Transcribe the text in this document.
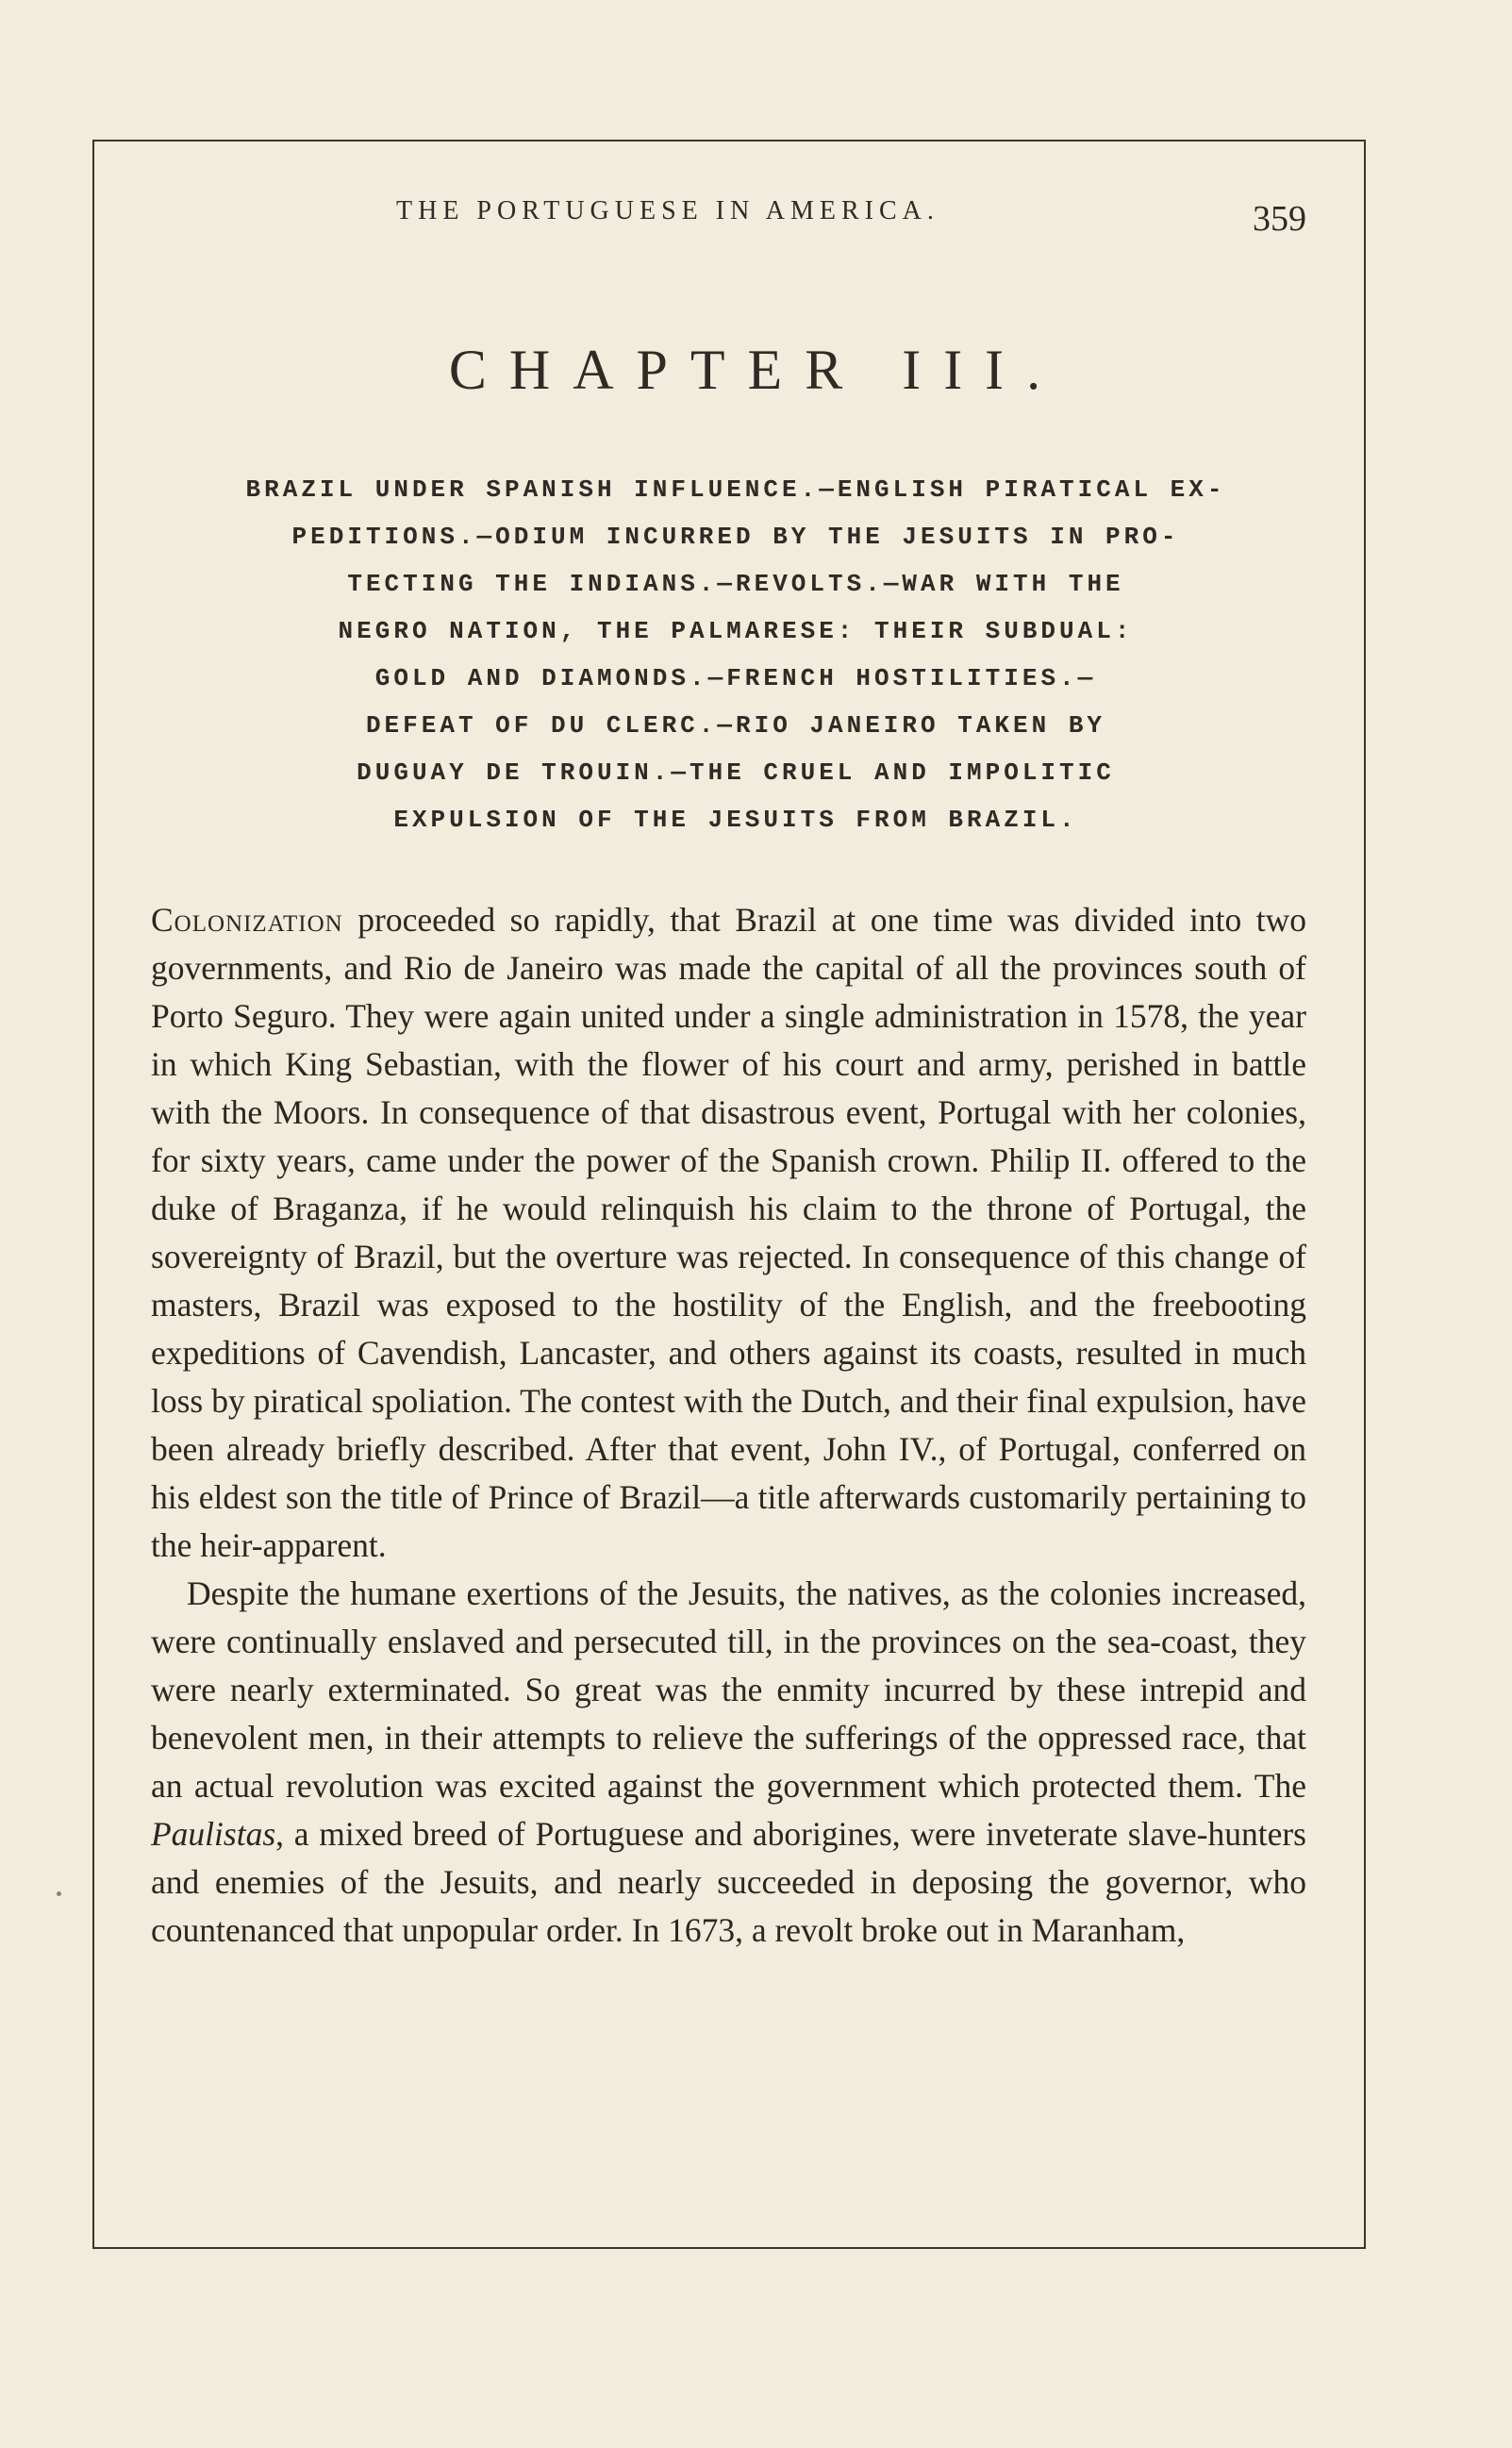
THE PORTUGUESE IN AMERICA.	359
CHAPTER III.
BRAZIL UNDER SPANISH INFLUENCE.—ENGLISH PIRATICAL EX-
PEDITIONS.—ODIUM INCURRED BY THE JESUITS IN PRO-
TECTING THE INDIANS.—REVOLTS.—WAR WITH THE
NEGRO NATION, THE PALMARESE: THEIR SUBDUAL:
GOLD AND DIAMONDS.—FRENCH HOSTILITIES.—
DEFEAT OF DU CLERC.—RIO JANEIRO TAKEN BY
DUGUAY DE TROUIN.—THE CRUEL AND IMPOLITIC
EXPULSION OF THE JESUITS FROM BRAZIL.

Colonization proceeded so rapidly, that Brazil at one time was divided into two governments, and Rio de Janeiro was made the capital of all the provinces south of Porto Seguro. They were again united under a single administration in 1578, the year in which King Sebastian, with the flower of his court and army, perished in battle with the Moors. In consequence of that disastrous event, Portugal with her colonies, for sixty years, came under the power of the Spanish crown. Philip II. offered to the duke of Braganza, if he would relinquish his claim to the throne of Portugal, the sovereignty of Brazil, but the overture was rejected. In consequence of this change of masters, Brazil was exposed to the hostility of the English, and the freebooting expeditions of Cavendish, Lancaster, and others against its coasts, resulted in much loss by piratical spoliation. The contest with the Dutch, and their final expulsion, have been already briefly described. After that event, John IV., of Portugal, conferred on his eldest son the title of Prince of Brazil—a title afterwards customarily pertaining to the heir-apparent.

Despite the humane exertions of the Jesuits, the natives, as the colonies increased, were continually enslaved and persecuted till, in the provinces on the sea-coast, they were nearly exterminated. So great was the enmity incurred by these intrepid and benevolent men, in their attempts to relieve the sufferings of the oppressed race, that an actual revolution was excited against the government which protected them. The Paulistas, a mixed breed of Portuguese and aborigines, were inveterate slave-hunters and enemies of the Jesuits, and nearly succeeded in deposing the governor, who countenanced that unpopular order. In 1673, a revolt broke out in Maranham,
